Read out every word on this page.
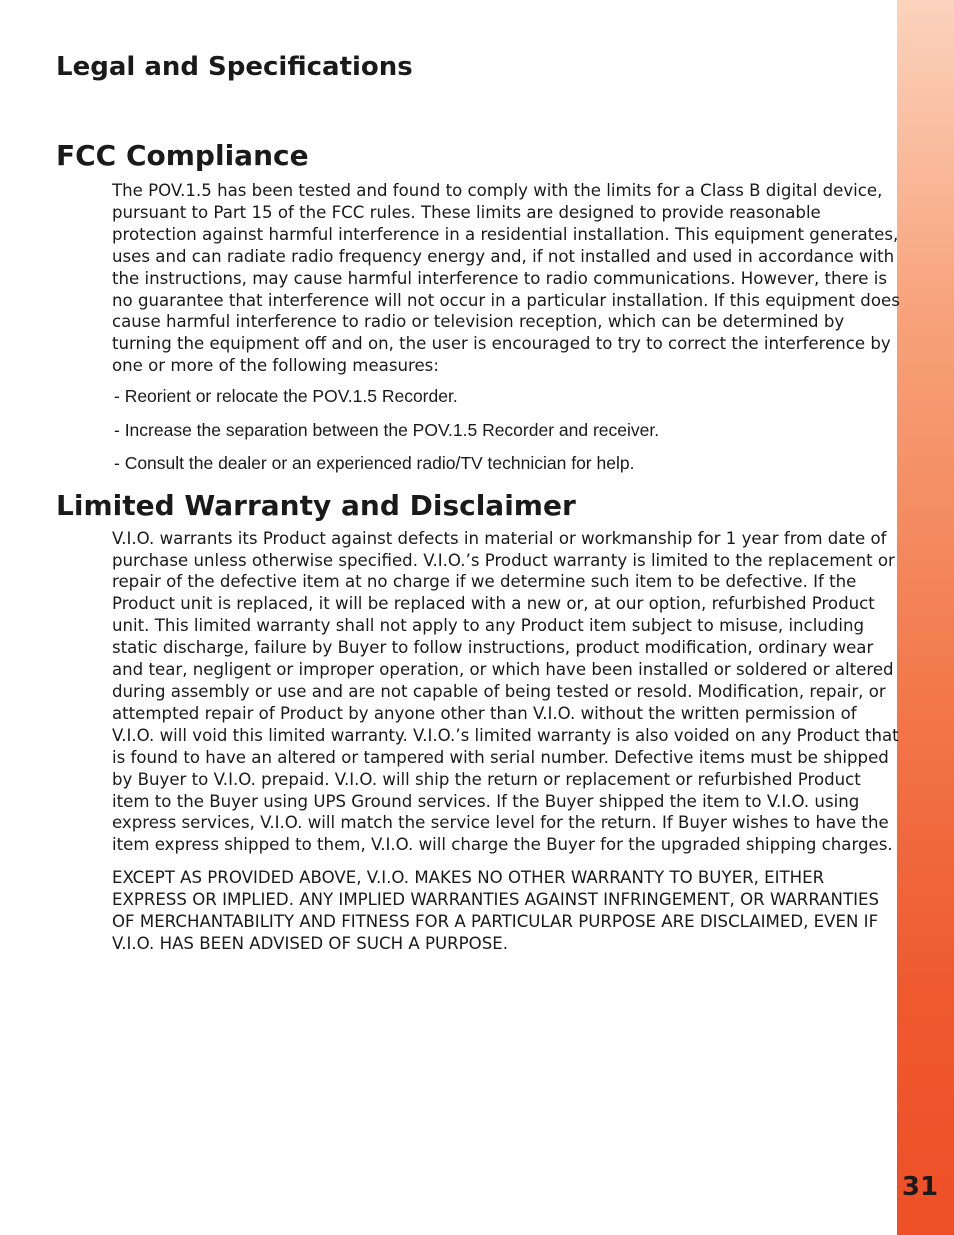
Legal and Specifications
FCC Compliance

The POV.1.5 has been tested and found to comply with the limits for a Class B digital device, pursuant to Part 15 of the FCC rules. These limits are designed to provide reasonable protection against harmful interference in a residential installation. This equipment generates, uses and can radiate radio frequency energy and, if not installed and used in accordance with the instructions, may cause harmful interference to radio communications. However, there is no guarantee that interference will not occur in a particular installation. If this equipment does cause harmful interference to radio or television reception, which can be determined by turning the equipment off and on, the user is encouraged to try to correct the interference by one or more of the following measures:

- Reorient or relocate the POV.1.5 Recorder.
- Increase the separation between the POV.1.5 Recorder and receiver.
- Consult the dealer or an experienced radio/TV technician for help.
Limited Warranty and Disclaimer

V.I.O. warrants its Product against defects in material or workmanship for 1 year from date of purchase unless otherwise specified. V.I.O.’s Product warranty is limited to the replacement or repair of the defective item at no charge if we determine such item to be defective. If the Product unit is replaced, it will be replaced with a new or, at our option, refurbished Product unit. This limited warranty shall not apply to any Product item subject to misuse, including static discharge, failure by Buyer to follow instructions, product modification, ordinary wear and tear, negligent or improper operation, or which have been installed or soldered or altered during assembly or use and are not capable of being tested or resold. Modification, repair, or attempted repair of Product by anyone other than V.I.O. without the written permission of V.I.O. will void this limited warranty. V.I.O.’s limited warranty is also voided on any Product that is found to have an altered or tampered with serial number. Defective items must be shipped by Buyer to V.I.O. prepaid. V.I.O. will ship the return or replacement or refurbished Product item to the Buyer using UPS Ground services. If the Buyer shipped the item to V.I.O. using express services, V.I.O. will match the service level for the return. If Buyer wishes to have the item express shipped to them, V.I.O. will charge the Buyer for the upgraded shipping charges.

EXCEPT AS PROVIDED ABOVE, V.I.O. MAKES NO OTHER WARRANTY TO BUYER, EITHER EXPRESS OR IMPLIED. ANY IMPLIED WARRANTIES AGAINST INFRINGEMENT, OR WARRANTIES OF MERCHANTABILITY AND FITNESS FOR A PARTICULAR PURPOSE ARE DISCLAIMED, EVEN IF V.I.O. HAS BEEN ADVISED OF SUCH A PURPOSE.

31
